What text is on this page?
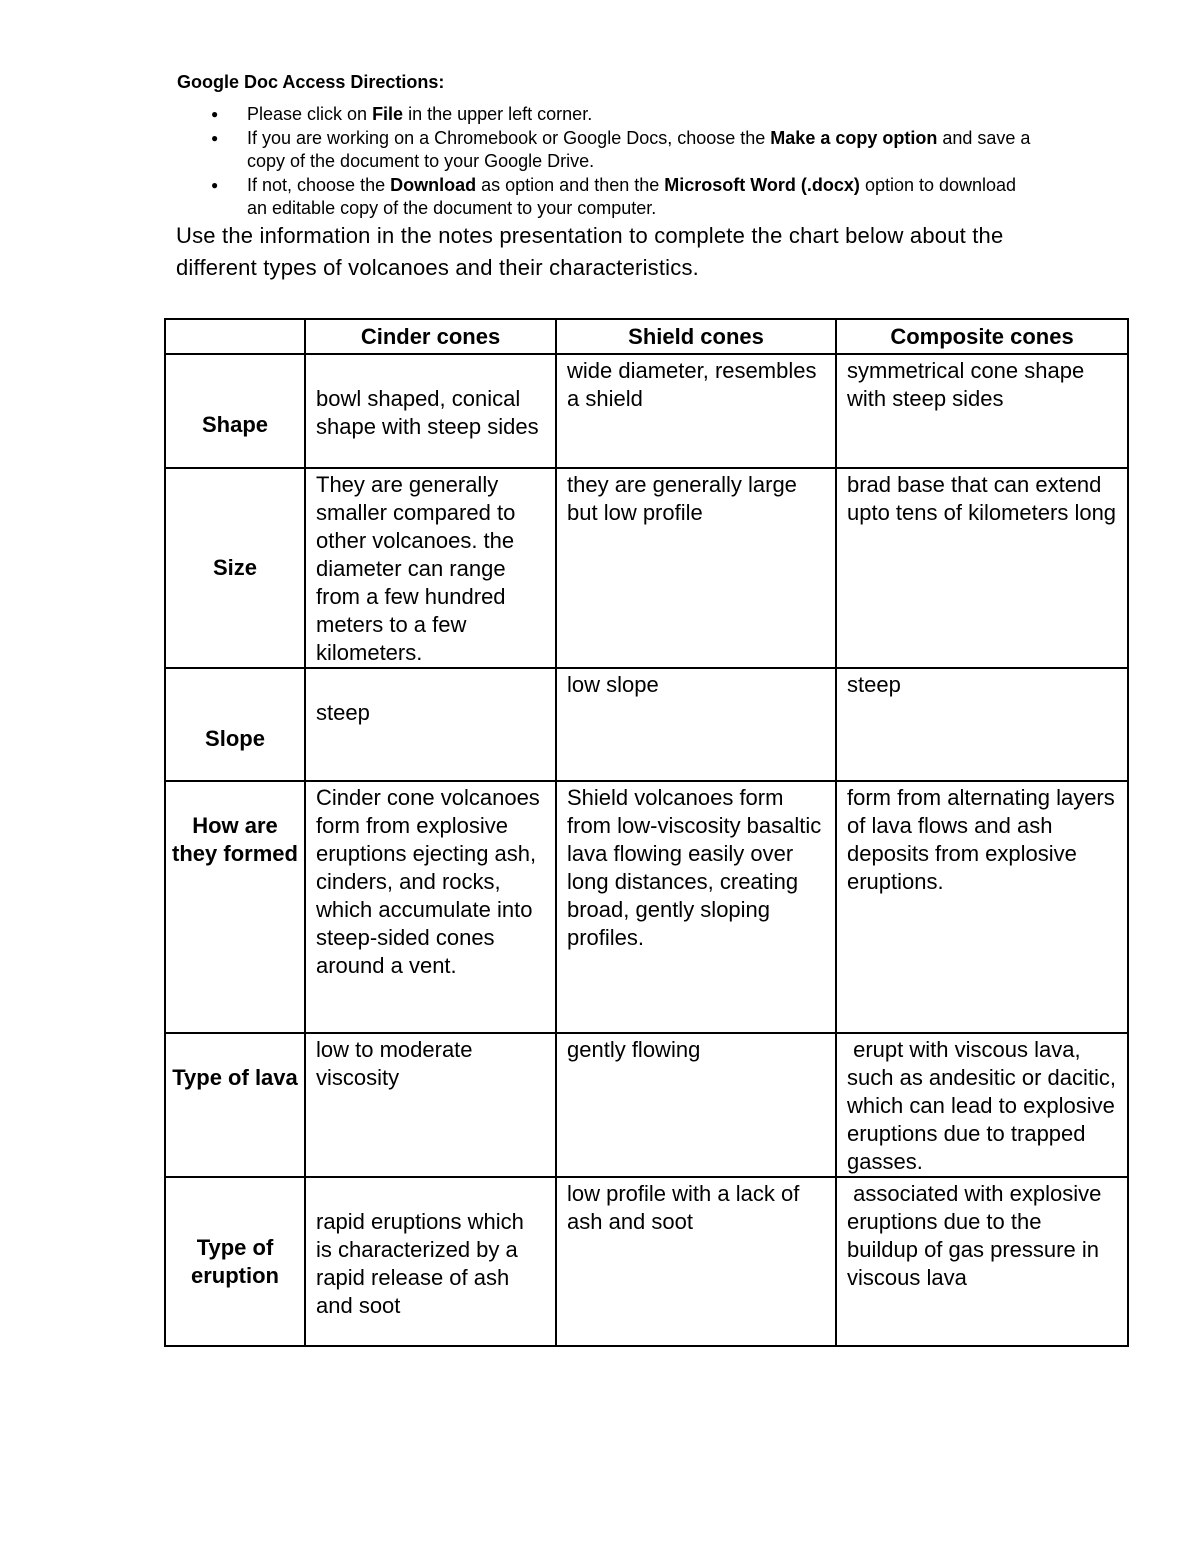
Google Doc Access Directions:

● Please click on File in the upper left corner.
● If you are working on a Chromebook or Google Docs, choose the Make a copy option and save a copy of the document to your Google Drive.
● If not, choose the Download as option and then the Microsoft Word (.docx) option to download an editable copy of the document to your computer.

Use the information in the notes presentation to complete the chart below about the different types of volcanoes and their characteristics.

	Cinder cones	Shield cones	Composite cones
Shape	bowl shaped, conical shape with steep sides	wide diameter, resembles a shield	symmetrical cone shape with steep sides
Size	They are generally smaller compared to other volcanoes. the diameter can range from a few hundred meters to a few kilometers.	they are generally large but low profile	brad base that can extend upto tens of kilometers long
Slope	steep	low slope	steep
How are they formed	Cinder cone volcanoes form from explosive eruptions ejecting ash, cinders, and rocks, which accumulate into steep-sided cones around a vent.	Shield volcanoes form from low-viscosity basaltic lava flowing easily over long distances, creating broad, gently sloping profiles.	form from alternating layers of lava flows and ash deposits from explosive eruptions.
Type of lava	low to moderate viscosity	gently flowing	erupt with viscous lava, such as andesitic or dacitic, which can lead to explosive eruptions due to trapped gasses.
Type of eruption	rapid eruptions which is characterized by a rapid release of ash and soot	low profile with a lack of ash and soot	associated with explosive eruptions due to the buildup of gas pressure in viscous lava
